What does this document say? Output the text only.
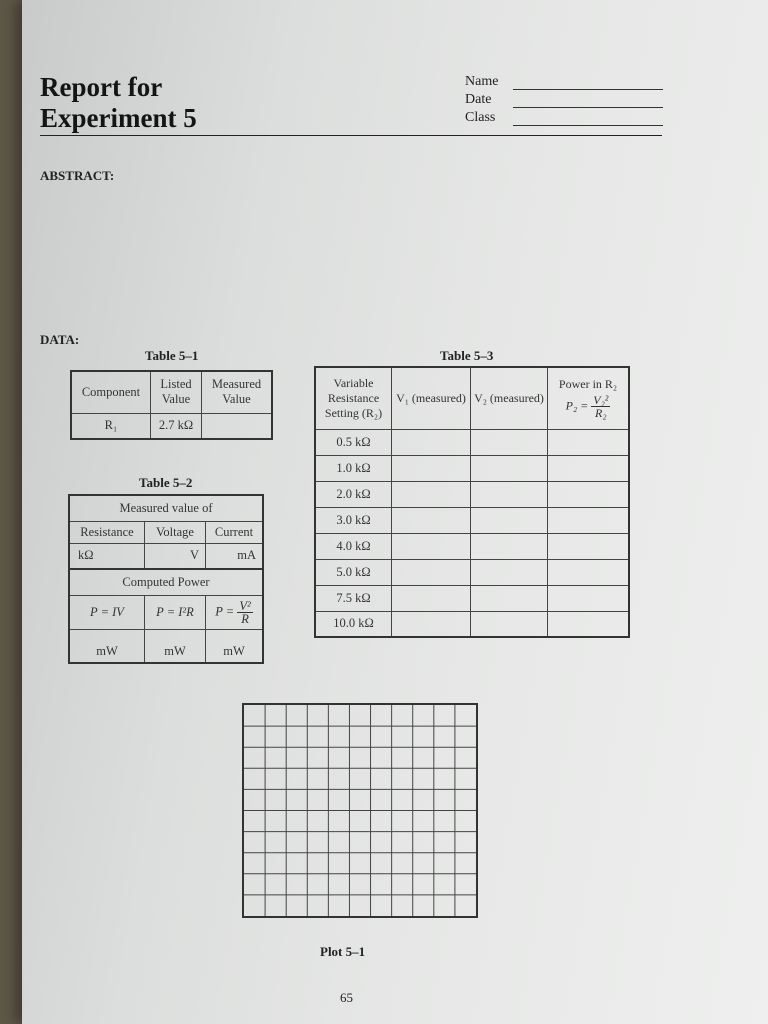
Report for
Experiment 5
Name
Date
Class
ABSTRACT:
DATA:
Table 5–1
Component	Listed Value	Measured Value
R₁	2.7 kΩ	
Table 5–2
Measured value of		
Resistance	Voltage	Current
kΩ	V	mA
Computed Power		
P = IV	P = I²R	$P = \frac{\text{V²}}{R}$

mW	mW	mW
Table 5–3
Variable Resistance Setting (R₂)	V₁ (measured)	V₂ (measured)	Power in R₂
$P_2 = \frac{\text{V₂²}}{\text{R₂}}$

0.5 kΩ			
1.0 kΩ			
2.0 kΩ			
3.0 kΩ			
4.0 kΩ			
5.0 kΩ			
7.5 kΩ			
10.0 kΩ			
Plot 5–1
65
